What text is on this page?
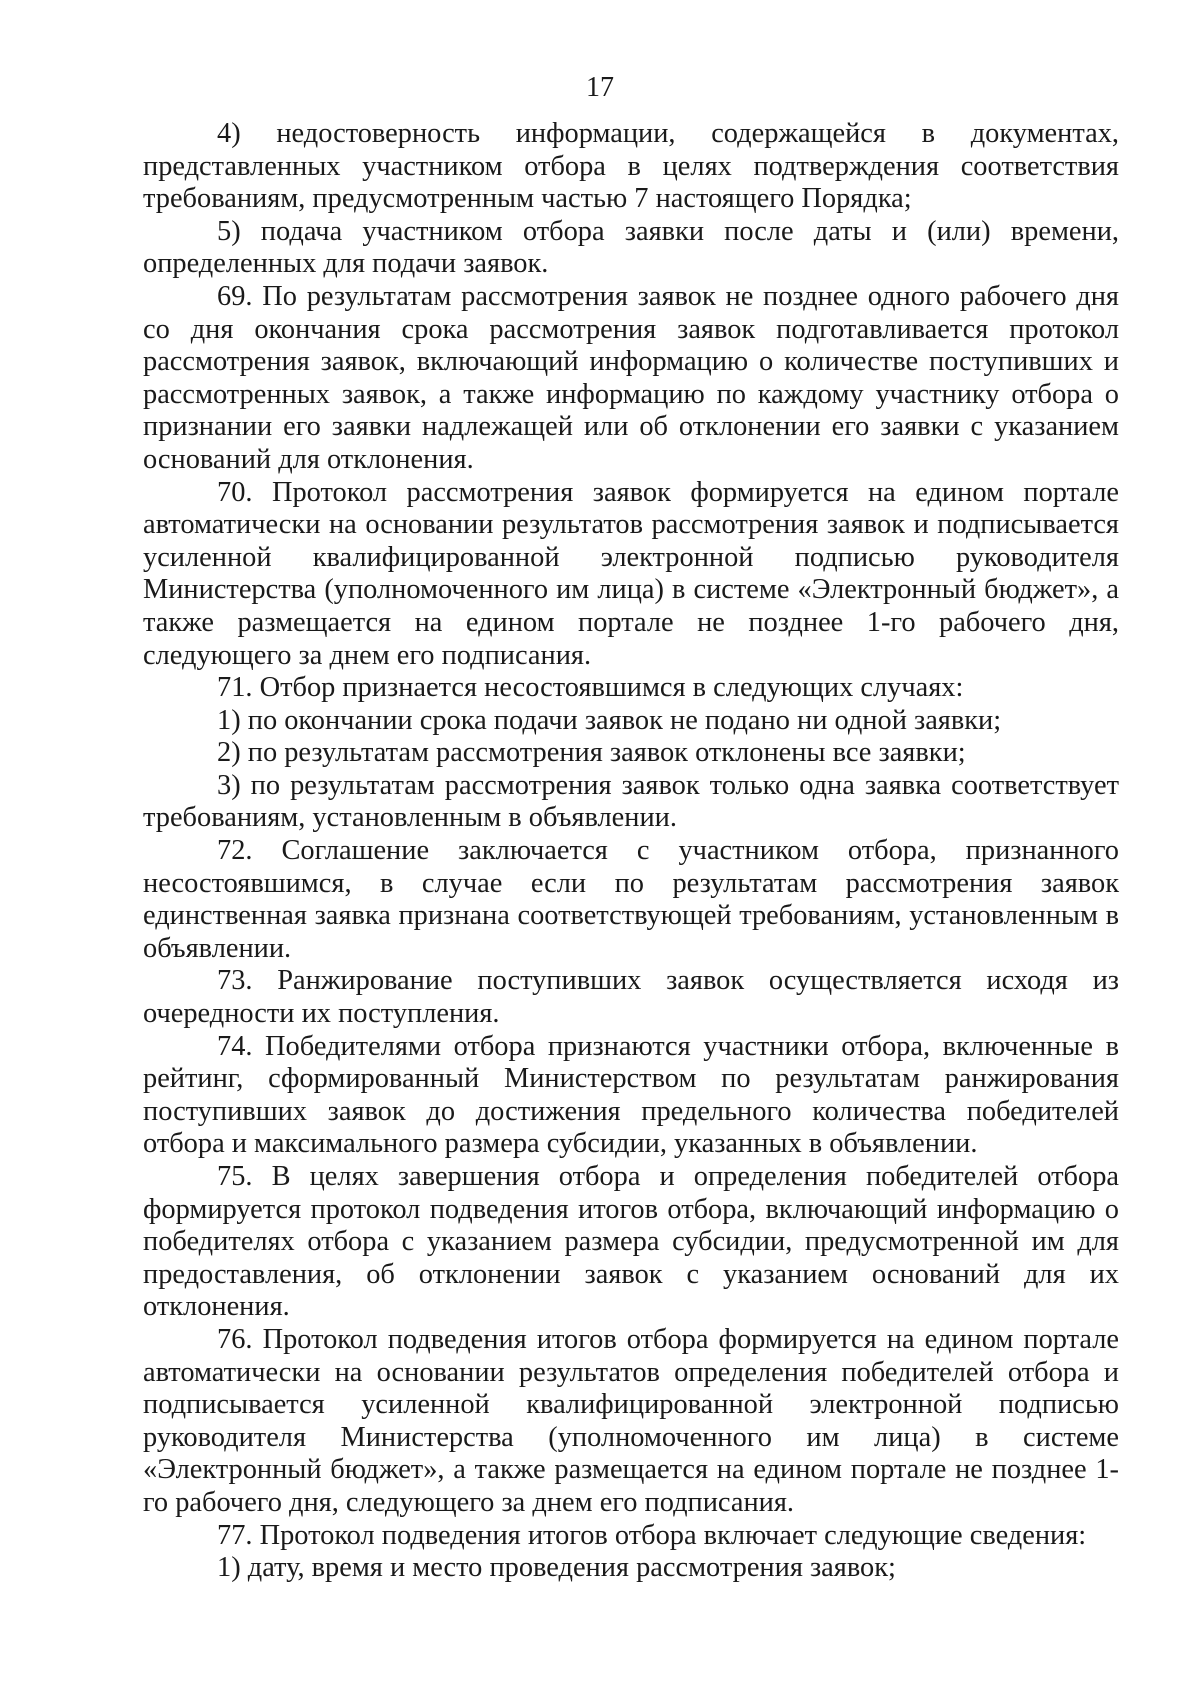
17

4) недостоверность информации, содержащейся в документах, представленных участником отбора в целях подтверждения соответствия требованиям, предусмотренным частью 7 настоящего Порядка;

5) подача участником отбора заявки после даты и (или) времени, определенных для подачи заявок.

69. По результатам рассмотрения заявок не позднее одного рабочего дня со дня окончания срока рассмотрения заявок подготавливается протокол рассмотрения заявок, включающий информацию о количестве поступивших и рассмотренных заявок, а также информацию по каждому участнику отбора о признании его заявки надлежащей или об отклонении его заявки с указанием оснований для отклонения.

70. Протокол рассмотрения заявок формируется на едином портале автоматически на основании результатов рассмотрения заявок и подписывается усиленной квалифицированной электронной подписью руководителя Министерства (уполномоченного им лица) в системе «Электронный бюджет», а также размещается на едином портале не позднее 1-го рабочего дня, следующего за днем его подписания.

71. Отбор признается несостоявшимся в следующих случаях:

1) по окончании срока подачи заявок не подано ни одной заявки;

2) по результатам рассмотрения заявок отклонены все заявки;

3) по результатам рассмотрения заявок только одна заявка соответствует требованиям, установленным в объявлении.

72. Соглашение заключается с участником отбора, признанного несостоявшимся, в случае если по результатам рассмотрения заявок единственная заявка признана соответствующей требованиям, установленным в объявлении.

73. Ранжирование поступивших заявок осуществляется исходя из очередности их поступления.

74. Победителями отбора признаются участники отбора, включенные в рейтинг, сформированный Министерством по результатам ранжирования поступивших заявок до достижения предельного количества победителей отбора и максимального размера субсидии, указанных в объявлении.

75. В целях завершения отбора и определения победителей отбора формируется протокол подведения итогов отбора, включающий информацию о победителях отбора с указанием размера субсидии, предусмотренной им для предоставления, об отклонении заявок с указанием оснований для их отклонения.

76. Протокол подведения итогов отбора формируется на едином портале автоматически на основании результатов определения победителей отбора и подписывается усиленной квалифицированной электронной подписью руководителя Министерства (уполномоченного им лица) в системе «Электронный бюджет», а также размещается на едином портале не позднее 1-го рабочего дня, следующего за днем его подписания.

77. Протокол подведения итогов отбора включает следующие сведения:

1) дату, время и место проведения рассмотрения заявок;
